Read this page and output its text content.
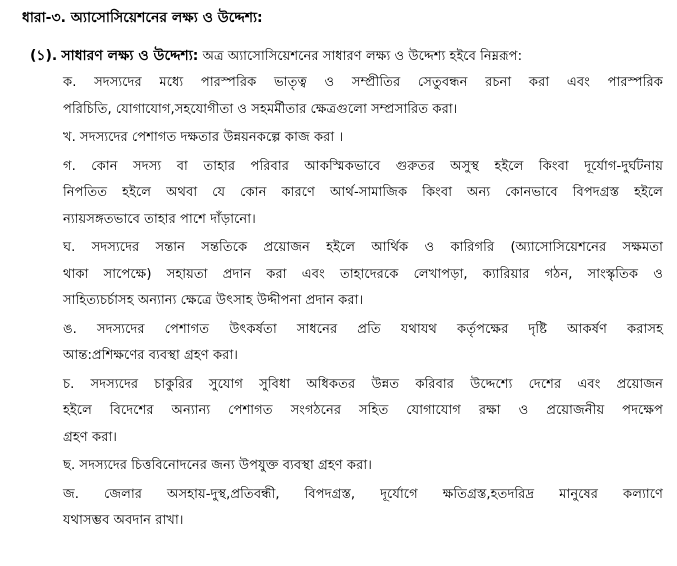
ধারা-৩. অ্যাসোসিয়েশনের লক্ষ্য ও উদ্দেশ্য:
(১). সাধারণ লক্ষ্য ও উদ্দেশ্য: অত্র অ্যাসোসিয়েশনের সাধারণ লক্ষ্য ও উদ্দেশ্য হইবে নিম্নরূপ:
ক. সদস্যদের মধ্যে পারস্পরিক ভাতৃত্ব ও সম্প্রীতির সেতুবন্ধন রচনা করা এবং পারস্পরিক
পরিচিতি, যোগাযোগ,সহযোগীতা ও সহমর্মীতার ক্ষেত্রগুলো সম্প্রসারিত করা।
খ. সদস্যদের পেশাগত দক্ষতার উন্নয়নকল্পে কাজ করা ।
গ. কোন সদস্য বা তাহার পরিবার আকস্মিকভাবে গুরুতর অসুস্থ হইলে কিংবা দূর্যোগ-দুর্ঘটনায়
নিপতিত হইলে অথবা যে কোন কারণে আর্থ-সামাজিক কিংবা অন্য কোনভাবে বিপদগ্রস্ত হইলে
ন্যায়সঙ্গতভাবে তাহার পাশে দাঁড়ানো।
ঘ. সদস্যদের সন্তান সন্ততিকে প্রয়োজন হইলে আর্থিক ও কারিগরি (অ্যাসোসিয়েশনের সক্ষমতা
থাকা সাপেক্ষে) সহায়তা প্রদান করা এবং তাহাদেরকে লেখাপড়া, ক্যারিয়ার গঠন, সাংস্কৃতিক ও
সাহিত্যচর্চাসহ অন্যান্য ক্ষেত্রে উৎসাহ উদ্দীপনা প্রদান করা।
ঙ. সদস্যদের পেশাগত উৎকর্ষতা সাধনের প্রতি যথাযথ কর্তৃপক্ষের দৃষ্টি আকর্ষণ করাসহ
আন্ত:প্রশিক্ষণের ব্যবস্থা গ্রহণ করা।
চ. সদস্যদের চাকুরির সুযোগ সুবিধা অধিকতর উন্নত করিবার উদ্দেশ্যে দেশের এবং প্রয়োজন
হইলে বিদেশের অন্যান্য পেশাগত সংগঠনের সহিত যোগাযোগ রক্ষা ও প্রয়োজনীয় পদক্ষেপ
গ্রহণ করা।
ছ. সদস্যদের চিত্তবিনোদনের জন্য উপযুক্ত ব্যবস্থা গ্রহণ করা।
জ. জেলার অসহায়-দুস্থ,প্রতিবন্ধী, বিপদগ্রস্ত, দূর্যোগে ক্ষতিগ্রস্ত,হতদরিদ্র মানুষের কল্যাণে
যথাসম্ভব অবদান রাখা।
